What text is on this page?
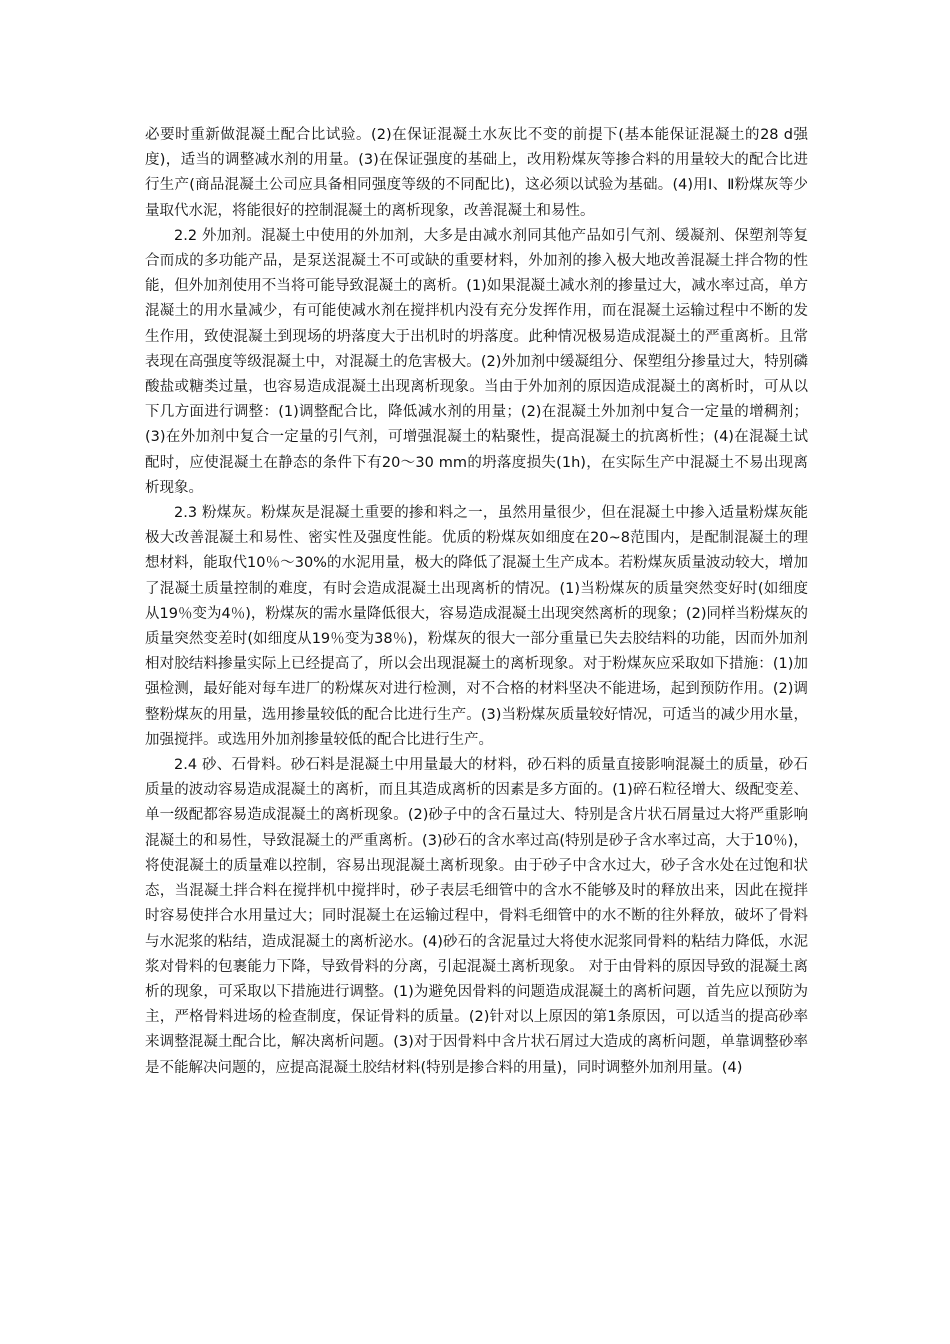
必要时重新做混凝土配合比试验。(2)在保证混凝土水灰比不变的前提下(基本能保证混凝土的28 d强度)，适当的调整减水剂的用量。(3)在保证强度的基础上，改用粉煤灰等掺合料的用量较大的配合比进行生产(商品混凝土公司应具备相同强度等级的不同配比)，这必须以试验为基础。(4)用Ⅰ、Ⅱ粉煤灰等少量取代水泥，将能很好的控制混凝土的离析现象，改善混凝土和易性。

2.2 外加剂。混凝土中使用的外加剂，大多是由减水剂同其他产品如引气剂、缓凝剂、保塑剂等复合而成的多功能产品，是泵送混凝土不可或缺的重要材料，外加剂的掺入极大地改善混凝土拌合物的性能，但外加剂使用不当将可能导致混凝土的离析。(1)如果混凝土减水剂的掺量过大，减水率过高，单方混凝土的用水量减少，有可能使减水剂在搅拌机内没有充分发挥作用，而在混凝土运输过程中不断的发生作用，致使混凝土到现场的坍落度大于出机时的坍落度。此种情况极易造成混凝土的严重离析。且常表现在高强度等级混凝土中，对混凝土的危害极大。(2)外加剂中缓凝组分、保塑组分掺量过大，特别磷酸盐或糖类过量，也容易造成混凝土出现离析现象。当由于外加剂的原因造成混凝土的离析时，可从以下几方面进行调整：(1)调整配合比，降低减水剂的用量；(2)在混凝土外加剂中复合一定量的增稠剂；(3)在外加剂中复合一定量的引气剂，可增强混凝土的粘聚性，提高混凝土的抗离析性；(4)在混凝土试配时，应使混凝土在静态的条件下有20～30 mm的坍落度损失(1h)，在实际生产中混凝土不易出现离析现象。

2.3 粉煤灰。粉煤灰是混凝土重要的掺和料之一，虽然用量很少，但在混凝土中掺入适量粉煤灰能极大改善混凝土和易性、密实性及强度性能。优质的粉煤灰如细度在20~8范围内，是配制混凝土的理想材料，能取代10％～30%的水泥用量，极大的降低了混凝土生产成本。若粉煤灰质量波动较大，增加了混凝土质量控制的难度，有时会造成混凝土出现离析的情况。(1)当粉煤灰的质量突然变好时(如细度从19％变为4％)，粉煤灰的需水量降低很大，容易造成混凝土出现突然离析的现象；(2)同样当粉煤灰的质量突然变差时(如细度从19％变为38％)，粉煤灰的很大一部分重量已失去胶结料的功能，因而外加剂相对胶结料掺量实际上已经提高了，所以会出现混凝土的离析现象。对于粉煤灰应采取如下措施：(1)加强检测，最好能对每车进厂的粉煤灰对进行检测，对不合格的材料坚决不能进场，起到预防作用。(2)调整粉煤灰的用量，选用掺量较低的配合比进行生产。(3)当粉煤灰质量较好情况，可适当的减少用水量，加强搅拌。或选用外加剂掺量较低的配合比进行生产。

2.4 砂、石骨料。砂石料是混凝土中用量最大的材料，砂石料的质量直接影响混凝土的质量，砂石质量的波动容易造成混凝土的离析，而且其造成离析的因素是多方面的。(1)碎石粒径增大、级配变差、单一级配都容易造成混凝土的离析现象。(2)砂子中的含石量过大、特别是含片状石屑量过大将严重影响混凝土的和易性，导致混凝土的严重离析。(3)砂石的含水率过高(特别是砂子含水率过高，大于10％)，将使混凝土的质量难以控制，容易出现混凝土离析现象。由于砂子中含水过大，砂子含水处在过饱和状态，当混凝土拌合料在搅拌机中搅拌时，砂子表层毛细管中的含水不能够及时的释放出来，因此在搅拌时容易使拌合水用量过大；同时混凝土在运输过程中，骨料毛细管中的水不断的往外释放，破坏了骨料与水泥浆的粘结，造成混凝土的离析泌水。(4)砂石的含泥量过大将使水泥浆同骨料的粘结力降低，水泥浆对骨料的包裹能力下降，导致骨料的分离，引起混凝土离析现象。 对于由骨料的原因导致的混凝土离析的现象，可采取以下措施进行调整。(1)为避免因骨料的问题造成混凝土的离析问题，首先应以预防为主，严格骨料进场的检查制度，保证骨料的质量。(2)针对以上原因的第1条原因，可以适当的提高砂率来调整混凝土配合比，解决离析问题。(3)对于因骨料中含片状石屑过大造成的离析问题，单靠调整砂率是不能解决问题的，应提高混凝土胶结材料(特别是掺合料的用量)，同时调整外加剂用量。(4)
